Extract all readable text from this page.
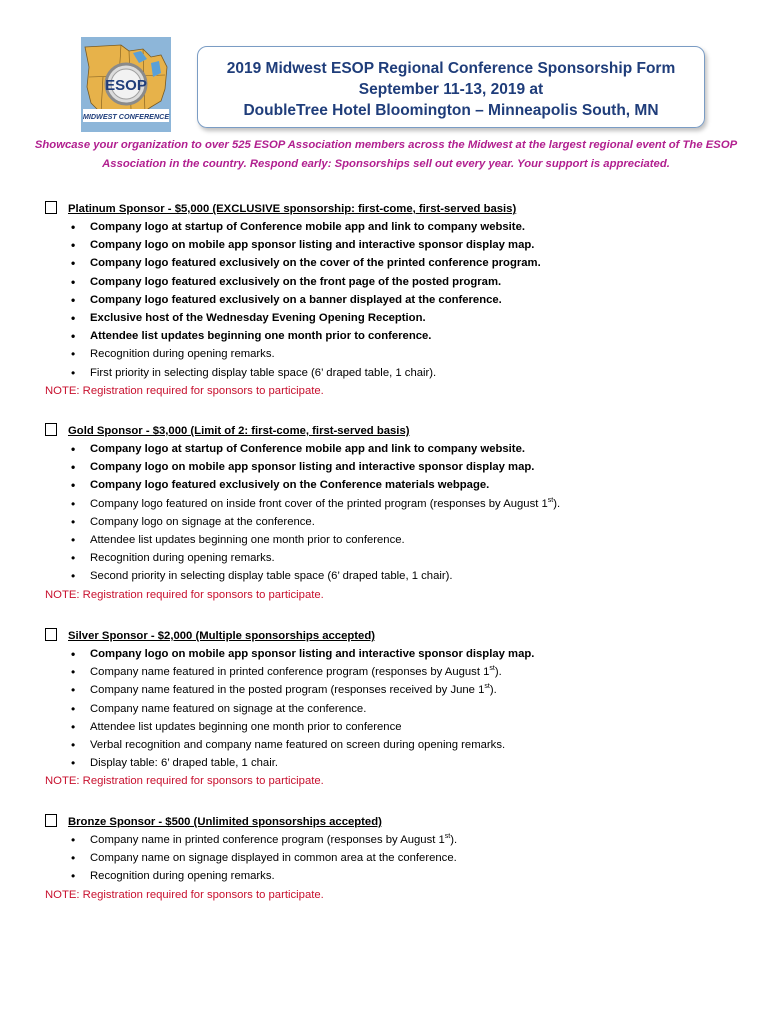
ESOP
MIDWEST CONFERENCE
2019 Midwest ESOP Regional Conference Sponsorship Form
September 11-13, 2019 at
DoubleTree Hotel Bloomington – Minneapolis South, MN

Showcase your organization to over 525 ESOP Association members across the Midwest at the largest regional event of The ESOP Association in the country. Respond early: Sponsorships sell out every year. Your support is appreciated.

Platinum Sponsor - $5,000 (EXCLUSIVE sponsorship: first-come, first-served basis)
• Company logo at startup of Conference mobile app and link to company website.
• Company logo on mobile app sponsor listing and interactive sponsor display map.
• Company logo featured exclusively on the cover of the printed conference program.
• Company logo featured exclusively on the front page of the posted program.
• Company logo featured exclusively on a banner displayed at the conference.
• Exclusive host of the Wednesday Evening Opening Reception.
• Attendee list updates beginning one month prior to conference.
• Recognition during opening remarks.
• First priority in selecting display table space (6’ draped table, 1 chair).

NOTE: Registration required for sponsors to participate.

Gold Sponsor - $3,000 (Limit of 2: first-come, first-served basis)
• Company logo at startup of Conference mobile app and link to company website.
• Company logo on mobile app sponsor listing and interactive sponsor display map.
• Company logo featured exclusively on the Conference materials webpage.
• Company logo featured on inside front cover of the printed program (responses by August 1st).
• Company logo on signage at the conference.
• Attendee list updates beginning one month prior to conference.
• Recognition during opening remarks.
• Second priority in selecting display table space (6’ draped table, 1 chair).

NOTE: Registration required for sponsors to participate.

Silver Sponsor - $2,000 (Multiple sponsorships accepted)
• Company logo on mobile app sponsor listing and interactive sponsor display map.
• Company name featured in printed conference program (responses by August 1st).
• Company name featured in the posted program (responses received by June 1st).
• Company name featured on signage at the conference.
• Attendee list updates beginning one month prior to conference
• Verbal recognition and company name featured on screen during opening remarks.
• Display table: 6’ draped table, 1 chair.

NOTE: Registration required for sponsors to participate.

Bronze Sponsor - $500 (Unlimited sponsorships accepted)
• Company name in printed conference program (responses by August 1st).
• Company name on signage displayed in common area at the conference.
• Recognition during opening remarks.

NOTE: Registration required for sponsors to participate.
